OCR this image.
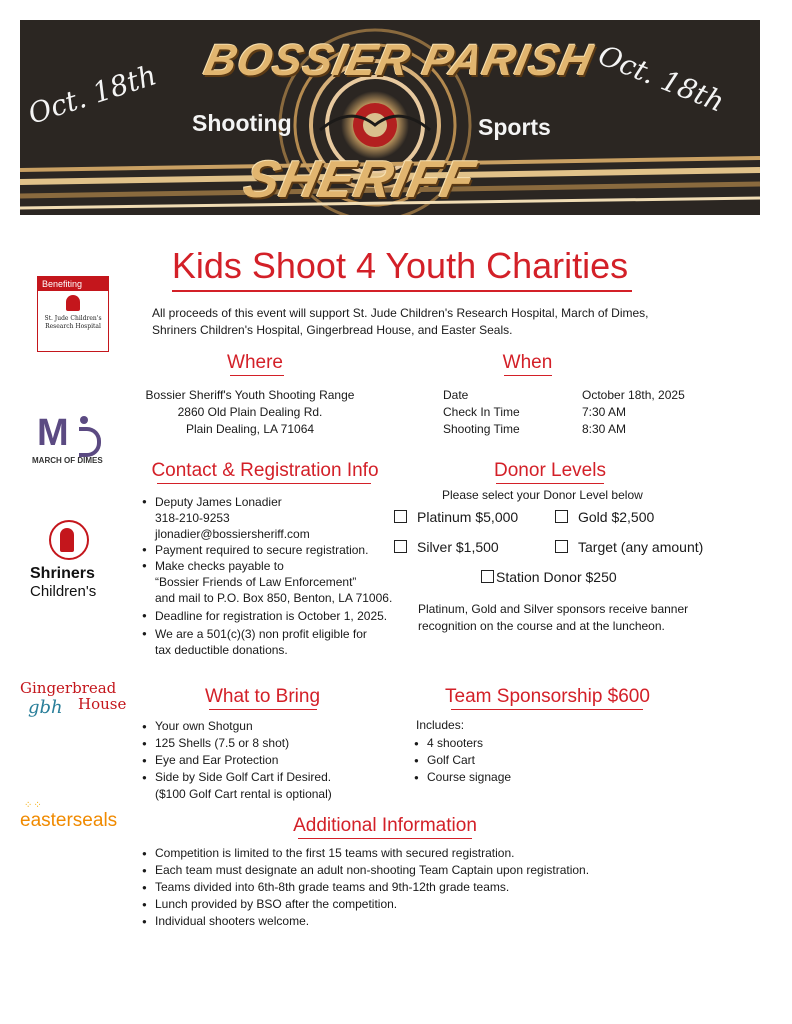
Oct. 18th	Oct. 18th
BOSSIER PARISH
Shooting	Sports
SHERIFF
Kids Shoot 4 Youth Charities
All proceeds of this event will support St. Jude Children's Research Hospital, March of Dimes, Shriners Children's Hospital, Gingerbread House, and Easter Seals.
Where
Bossier Sheriff's Youth Shooting Range
2860 Old Plain Dealing Rd.
Plain Dealing, LA 71064
When
Date	October 18th, 2025
Check In Time	7:30 AM
Shooting Time	8:30 AM
Contact & Registration Info
● Deputy James Lonadier
318-210-9253
jlonadier@bossiersheriff.com
● Payment required to secure registration.
● Make checks payable to
“Bossier Friends of Law Enforcement”
and mail to P.O. Box 850, Benton, LA 71006.
● Deadline for registration is October 1, 2025.
● We are a 501(c)(3) non profit eligible for
tax deductible donations.
Donor Levels
Please select your Donor Level below
Platinum $5,000	Gold $2,500
Silver $1,500	Target (any amount)
Station Donor $250
Platinum, Gold and Silver sponsors receive banner recognition on the course and at the luncheon.
What to Bring
● Your own Shotgun
● 125 Shells (7.5 or 8 shot)
● Eye and Ear Protection
● Side by Side Golf Cart if Desired.
($100 Golf Cart rental is optional)
Team Sponsorship $600
Includes:
● 4 shooters
● Golf Cart
● Course signage
Additional Information
● Competition is limited to the first 15 teams with secured registration.
● Each team must designate an adult non-shooting Team Captain upon registration.
● Teams divided into 6th-8th grade teams and 9th-12th grade teams.
● Lunch provided by BSO after the competition.
● Individual shooters welcome.
Benefiting
St. Jude Children's Research Hospital
M
MARCH OF DIMES
Shriners
Children's
Gingerbread
House
gbh
⁘⁘
easterseals
